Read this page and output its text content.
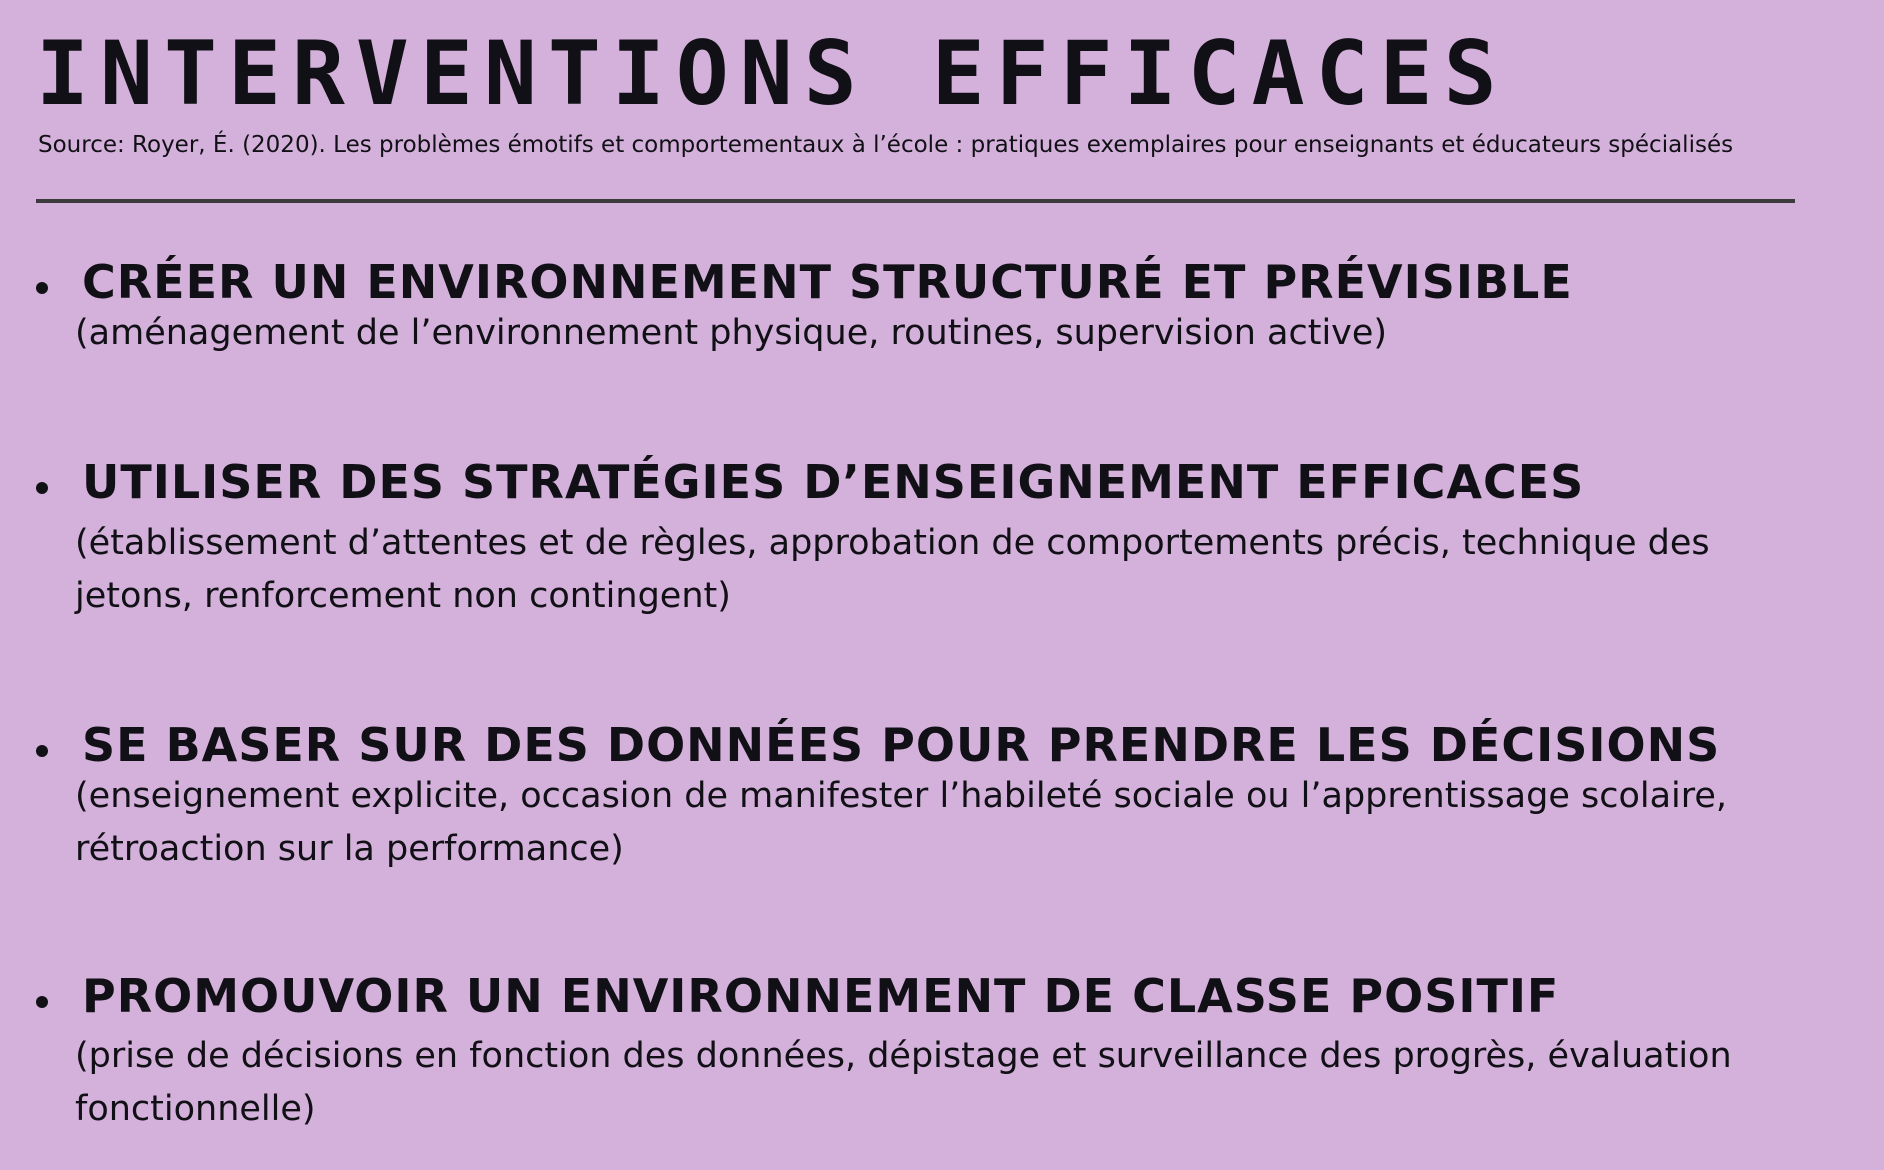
INTERVENTIONS EFFICACES

Source: Royer, É. (2020). Les problèmes émotifs et comportementaux à l’école : pratiques exemplaires pour enseignants et éducateurs spécialisés

CRÉER UN ENVIRONNEMENT STRUCTURÉ ET PRÉVISIBLE

(aménagement de l’environnement physique, routines, supervision active)

UTILISER DES STRATÉGIES D’ENSEIGNEMENT EFFICACES

(établissement d’attentes et de règles, approbation de comportements précis, technique des jetons, renforcement non contingent)

SE BASER SUR DES DONNÉES POUR PRENDRE LES DÉCISIONS

(enseignement explicite, occasion de manifester l’habileté sociale ou l’apprentissage scolaire, rétroaction sur la performance)

PROMOUVOIR UN ENVIRONNEMENT DE CLASSE POSITIF

(prise de décisions en fonction des données, dépistage et surveillance des progrès, évaluation fonctionnelle)
